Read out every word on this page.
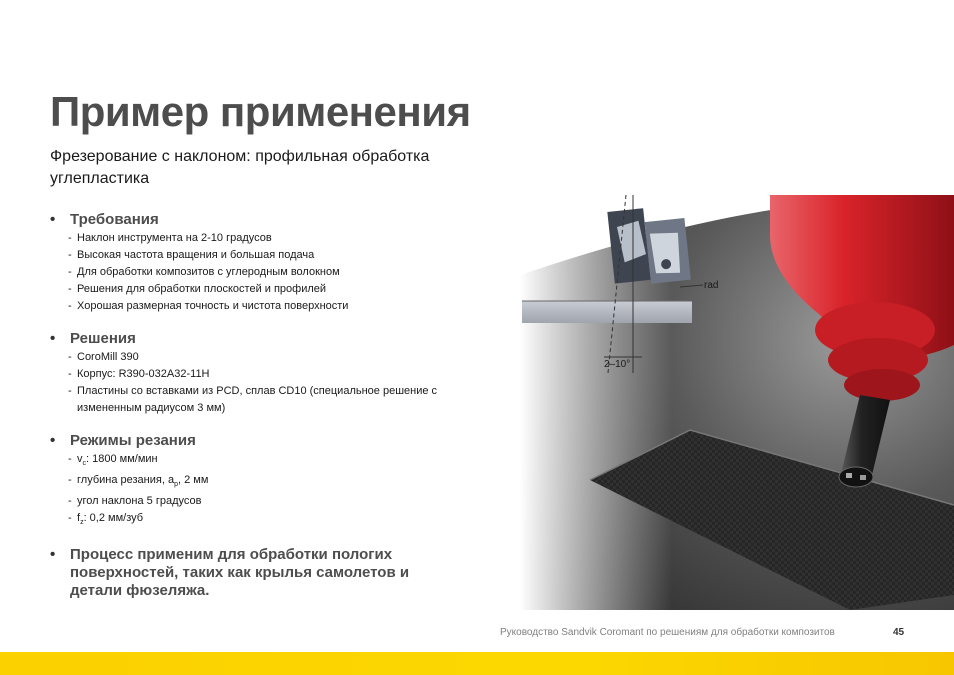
Пример применения

Фрезерование с наклоном: профильная обработка углепластика

• Требования
- Наклон инструмента на 2-10 градусов
- Высокая частота вращения и большая подача
- Для обработки композитов с углеродным волокном
- Решения для обработки плоскостей и профилей
- Хорошая размерная точность и чистота поверхности
• Решения
- CoroMill 390
- Корпус: R390-032A32-11H
- Пластины со вставками из PCD, сплав CD10 (специальное решение с измененным радиусом 3 мм)
• Режимы резания
- $v_c$: 1800 мм/мин
- глубина резания, $a_p$, 2 мм
- угол наклона 5 градусов
- $f_z$: 0,2 мм/зуб
• Процесс применим для обработки пологих поверхностей, таких как крылья самолетов и детали фюзеляжа.
rad
2–10°
Руководство Sandvik Coromant по решениям для обработки композитов	45
